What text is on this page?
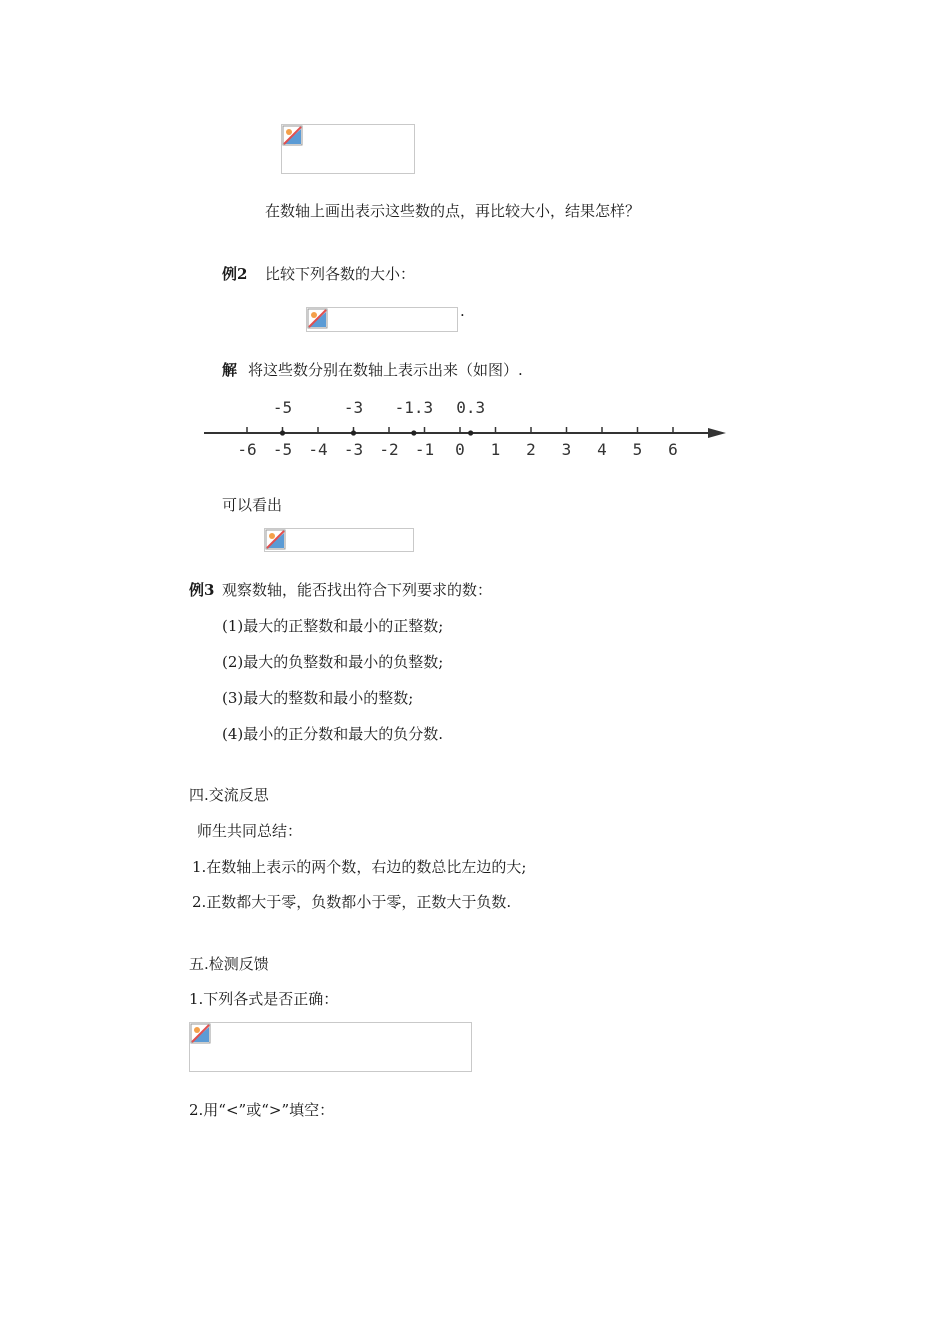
在数轴上画出表示这些数的点，再比较大小，结果怎样？
例2 比较下列各数的大小：
.
解 将这些数分别在数轴上表示出来（如图）.
-6 -5 -4 -3 -2 -1 0 1 2 3 4 5 6
-5	-3 -1.3 0.3
可以看出
例3 观察数轴，能否找出符合下列要求的数：
(1)最大的正整数和最小的正整数;
(2)最大的负整数和最小的负整数;
(3)最大的整数和最小的整数;
(4)最小的正分数和最大的负分数.
四.交流反思
师生共同总结：
1.在数轴上表示的两个数，右边的数总比左边的大;
2.正数都大于零，负数都小于零，正数大于负数.
五.检测反馈
1.下列各式是否正确：
2.用“<”或“>”填空：
